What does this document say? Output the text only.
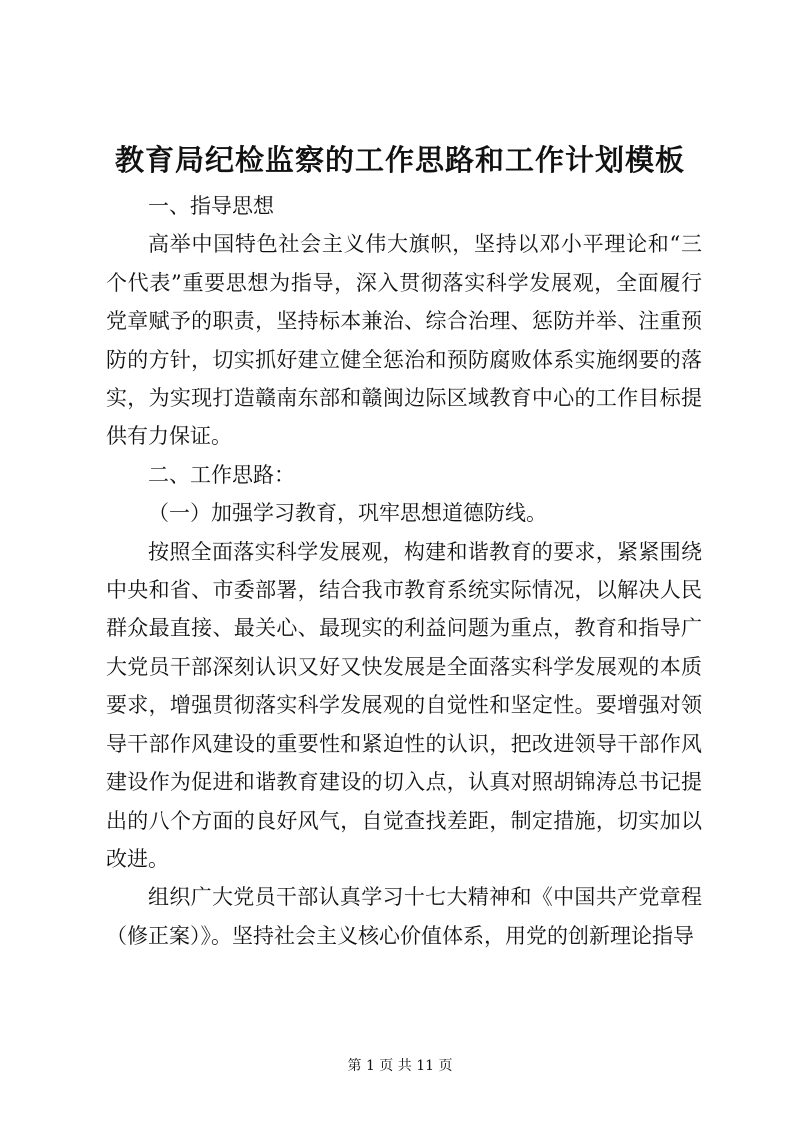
教育局纪检监察的工作思路和工作计划模板

一、指导思想

高举中国特色社会主义伟大旗帜，坚持以邓小平理论和“三个代表”重要思想为指导，深入贯彻落实科学发展观，全面履行党章赋予的职责，坚持标本兼治、综合治理、惩防并举、注重预防的方针，切实抓好建立健全惩治和预防腐败体系实施纲要的落实，为实现打造赣南东部和赣闽边际区域教育中心的工作目标提供有力保证。

二、工作思路：

（一）加强学习教育，巩牢思想道德防线。

按照全面落实科学发展观，构建和谐教育的要求，紧紧围绕中央和省、市委部署，结合我市教育系统实际情况，以解决人民群众最直接、最关心、最现实的利益问题为重点，教育和指导广大党员干部深刻认识又好又快发展是全面落实科学发展观的本质要求，增强贯彻落实科学发展观的自觉性和坚定性。要增强对领导干部作风建设的重要性和紧迫性的认识，把改进领导干部作风建设作为促进和谐教育建设的切入点，认真对照胡锦涛总书记提出的八个方面的良好风气，自觉查找差距，制定措施，切实加以改进。

组织广大党员干部认真学习十七大精神和《中国共产党章程（修正案）》。坚持社会主义核心价值体系，用党的创新理论指导

第 1 页 共 11 页
